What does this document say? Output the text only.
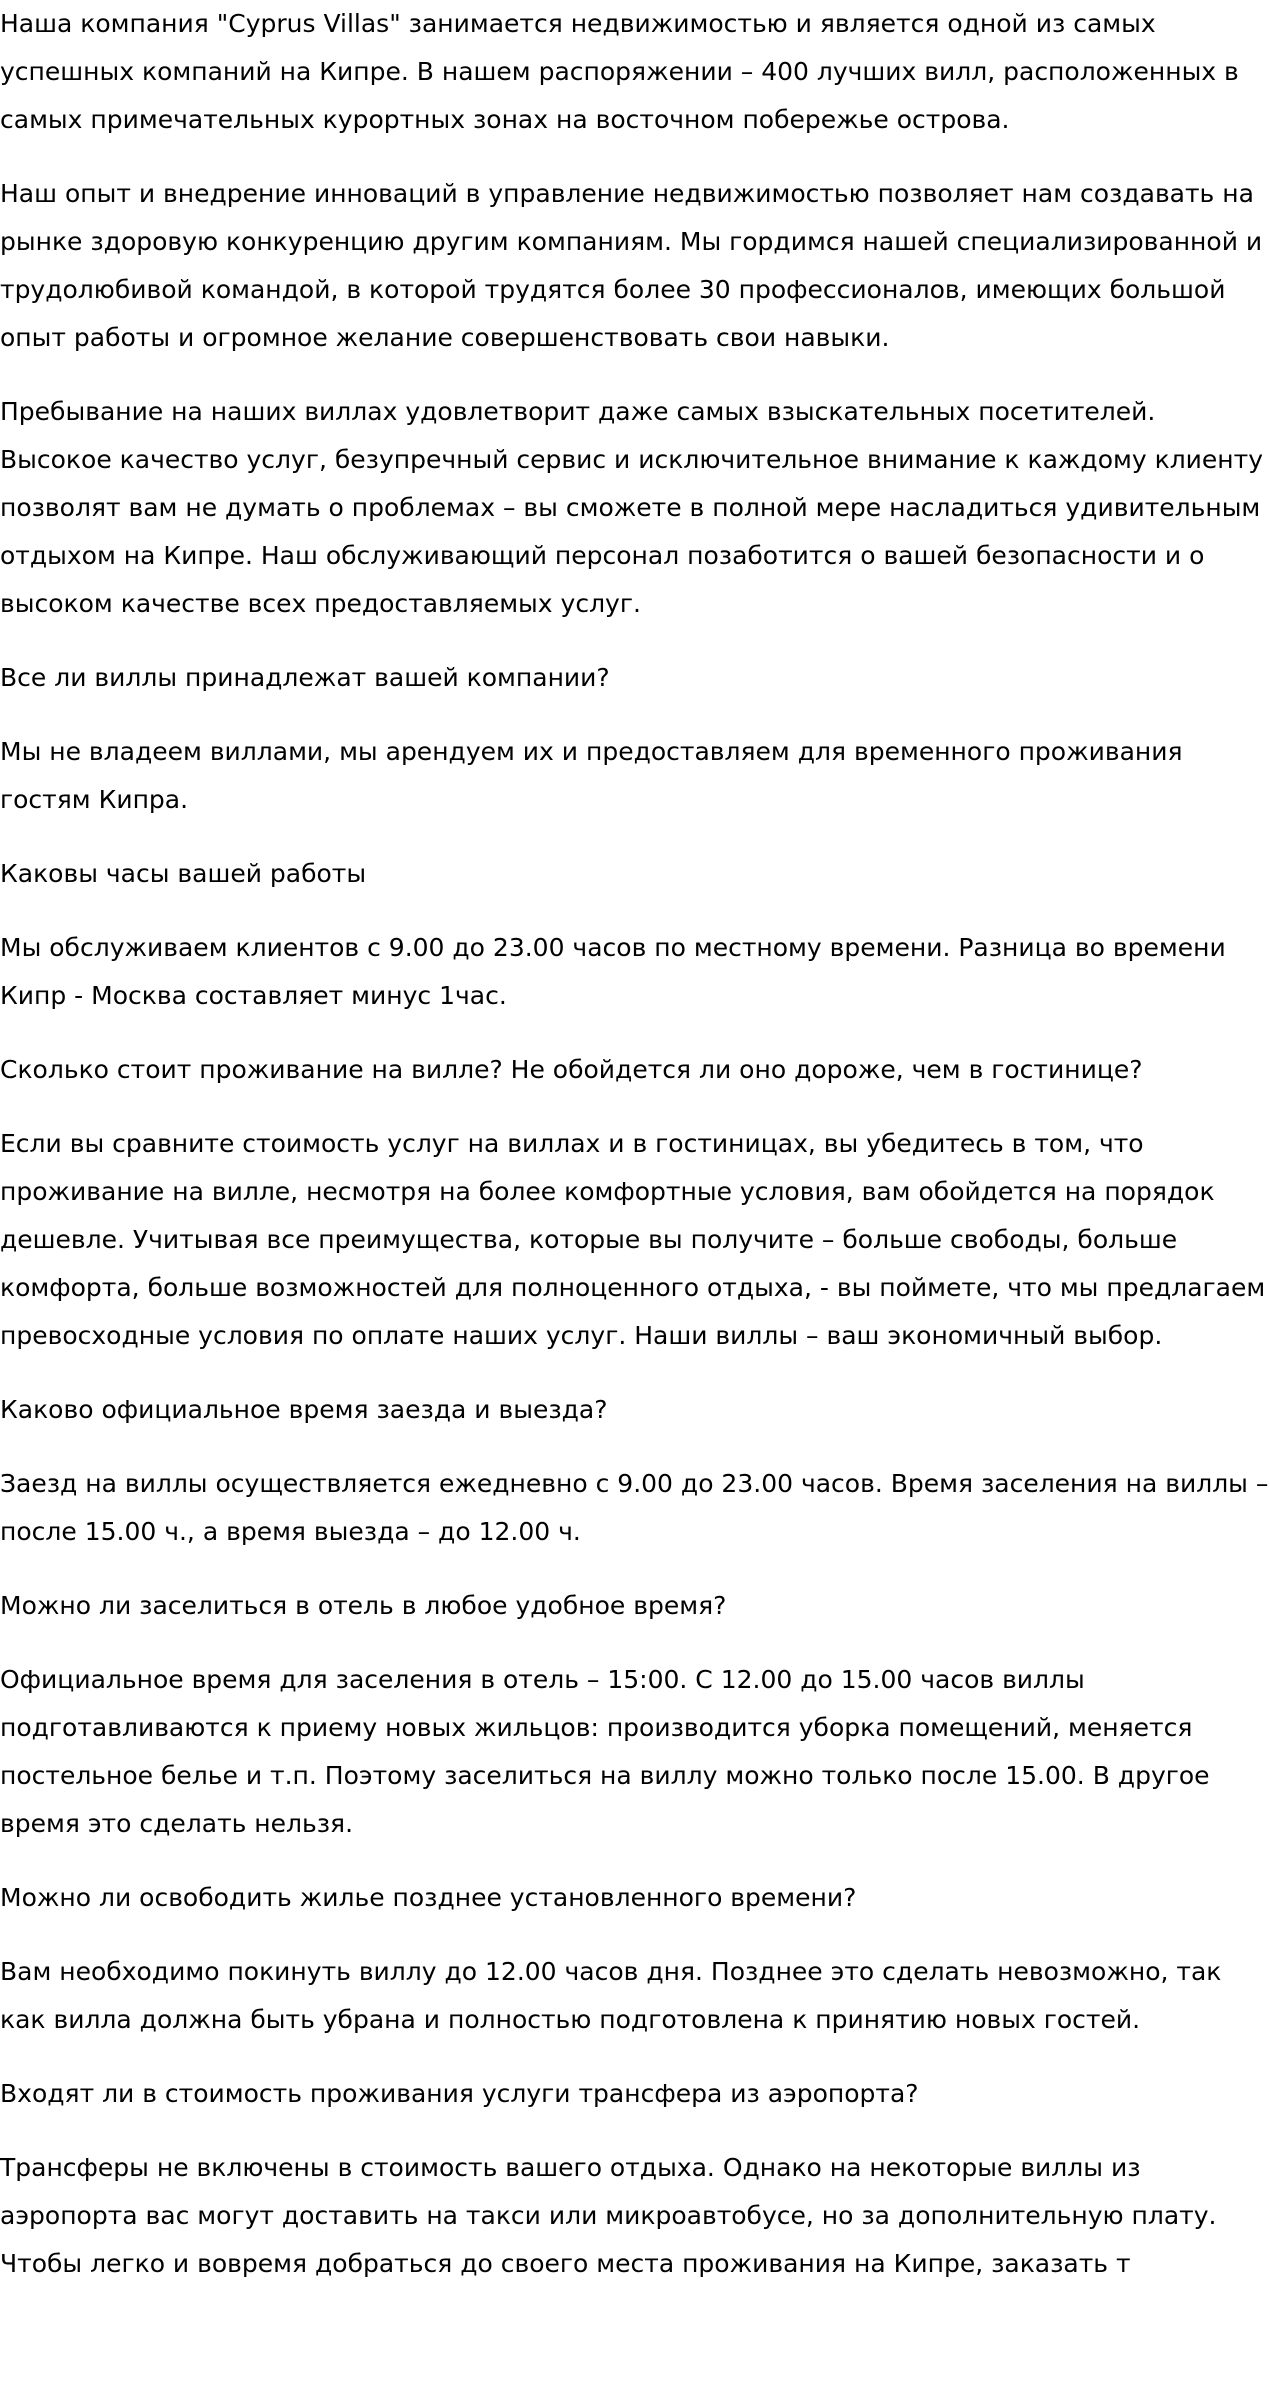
Наша компания "Cyprus Villas" занимается недвижимостью и является одной из самых успешных компаний на Кипре. В нашем распоряжении – 400 лучших вилл, расположенных в самых примечательных курортных зонах на восточном побережье острова.

Наш опыт и внедрение инноваций в управление недвижимостью позволяет нам создавать на рынке здоровую конкуренцию другим компаниям. Мы гордимся нашей специализированной и трудолюбивой командой, в которой трудятся более 30 профессионалов, имеющих большой опыт работы и огромное желание совершенствовать свои навыки.

Пребывание на наших виллах удовлетворит даже самых взыскательных посетителей. Высокое качество услуг, безупречный сервис и исключительное внимание к каждому клиенту позволят вам не думать о проблемах – вы сможете в полной мере насладиться удивительным отдыхом на Кипре. Наш обслуживающий персонал позаботится о вашей безопасности и о высоком качестве всех предоставляемых услуг.

Все ли виллы принадлежат вашей компании?

Мы не владеем виллами, мы арендуем их и предоставляем для временного проживания гостям Кипра.

Каковы часы вашей работы

Мы обслуживаем клиентов с 9.00 до 23.00 часов по местному времени. Разница во времени Кипр - Москва составляет минус 1час.

Сколько стоит проживание на вилле? Не обойдется ли оно дороже, чем в гостинице?

Если вы сравните стоимость услуг на виллах и в гостиницах, вы убедитесь в том, что проживание на вилле, несмотря на более комфортные условия, вам обойдется на порядок дешевле. Учитывая все преимущества, которые вы получите – больше свободы, больше комфорта, больше возможностей для полноценного отдыха, - вы поймете, что мы предлагаем превосходные условия по оплате наших услуг. Наши виллы – ваш экономичный выбор.

Каково официальное время заезда и выезда?

Заезд на виллы осуществляется ежедневно с 9.00 до 23.00 часов. Время заселения на виллы – после 15.00 ч., а время выезда – до 12.00 ч.

Можно ли заселиться в отель в любое удобное время?

Официальное время для заселения в отель – 15:00. С 12.00 до 15.00 часов виллы подготавливаются к приему новых жильцов: производится уборка помещений, меняется постельное белье и т.п. Поэтому заселиться на виллу можно только после 15.00. В другое время это сделать нельзя.

Можно ли освободить жилье позднее установленного времени?

Вам необходимо покинуть виллу до 12.00 часов дня. Позднее это сделать невозможно, так как вилла должна быть убрана и полностью подготовлена к принятию новых гостей.

Входят ли в стоимость проживания услуги трансфера из аэропорта?

Трансферы не включены в стоимость вашего отдыха. Однако на некоторые виллы из аэропорта вас могут доставить на такси или микроавтобусе, но за дополнительную плату. Чтобы легко и вовремя добраться до своего места проживания на Кипре, заказать т
